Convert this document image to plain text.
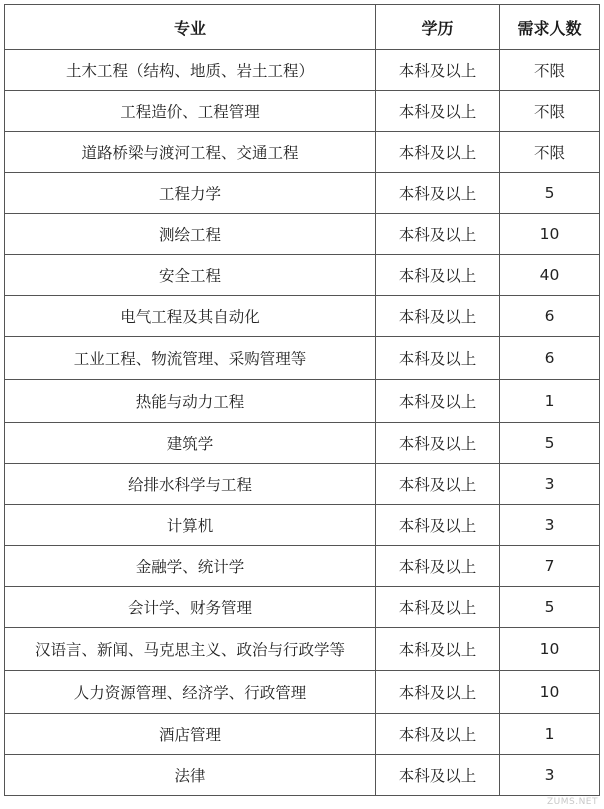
专业	学历	需求人数
土木工程（结构、地质、岩土工程）	本科及以上	不限
工程造价、工程管理	本科及以上	不限
道路桥梁与渡河工程、交通工程	本科及以上	不限
工程力学	本科及以上	5
测绘工程	本科及以上	10
安全工程	本科及以上	40
电气工程及其自动化	本科及以上	6
工业工程、物流管理、采购管理等	本科及以上	6
热能与动力工程	本科及以上	1
建筑学	本科及以上	5
给排水科学与工程	本科及以上	3
计算机	本科及以上	3
金融学、统计学	本科及以上	7
会计学、财务管理	本科及以上	5
汉语言、新闻、马克思主义、政治与行政学等	本科及以上	10
人力资源管理、经济学、行政管理	本科及以上	10
酒店管理	本科及以上	1
法律	本科及以上	3
ZUMS.NET
